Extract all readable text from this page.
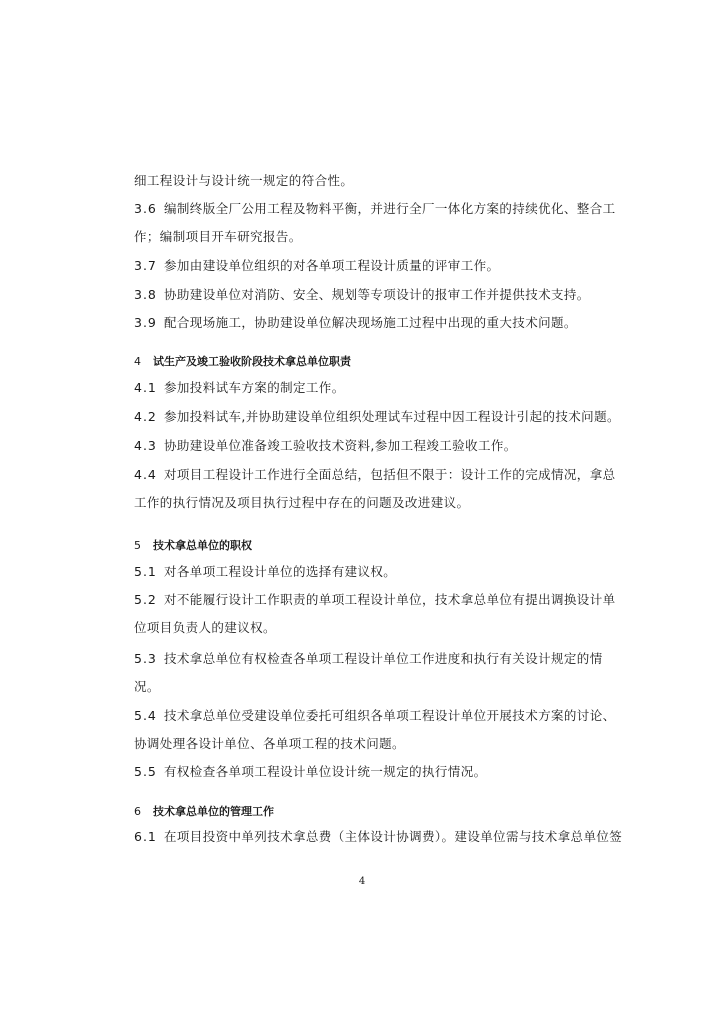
细工程设计与设计统一规定的符合性。
3.6 编制终版全厂公用工程及物料平衡，并进行全厂一体化方案的持续优化、整合工
作；编制项目开车研究报告。
3.7 参加由建设单位组织的对各单项工程设计质量的评审工作。
3.8 协助建设单位对消防、安全、规划等专项设计的报审工作并提供技术支持。
3.9 配合现场施工，协助建设单位解决现场施工过程中出现的重大技术问题。
4 试生产及竣工验收阶段技术拿总单位职责
4.1 参加投料试车方案的制定工作。
4.2 参加投料试车,并协助建设单位组织处理试车过程中因工程设计引起的技术问题。
4.3 协助建设单位准备竣工验收技术资料,参加工程竣工验收工作。
4.4 对项目工程设计工作进行全面总结，包括但不限于：设计工作的完成情况，拿总
工作的执行情况及项目执行过程中存在的问题及改进建议。
5 技术拿总单位的职权
5.1 对各单项工程设计单位的选择有建议权。
5.2 对不能履行设计工作职责的单项工程设计单位，技术拿总单位有提出调换设计单
位项目负责人的建议权。
5.3 技术拿总单位有权检查各单项工程设计单位工作进度和执行有关设计规定的情
况。
5.4 技术拿总单位受建设单位委托可组织各单项工程设计单位开展技术方案的讨论、
协调处理各设计单位、各单项工程的技术问题。
5.5 有权检查各单项工程设计单位设计统一规定的执行情况。
6 技术拿总单位的管理工作
6.1 在项目投资中单列技术拿总费（主体设计协调费）。建设单位需与技术拿总单位签
4
